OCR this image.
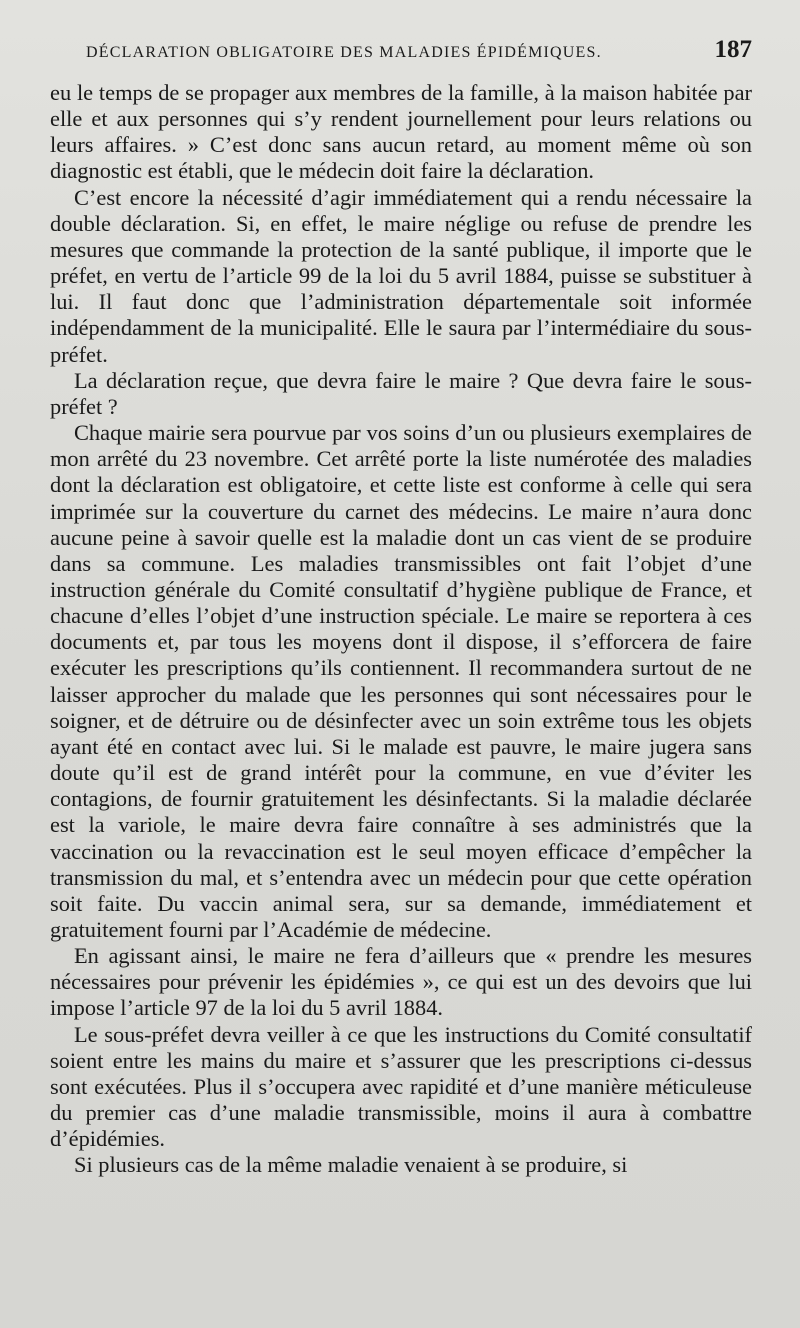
DÉCLARATION OBLIGATOIRE DES MALADIES ÉPIDÉMIQUES.	187

eu le temps de se propager aux membres de la famille, à la maison habitée par elle et aux personnes qui s’y rendent journellement pour leurs relations ou leurs affaires. » C’est donc sans aucun retard, au moment même où son diagnostic est établi, que le médecin doit faire la déclaration.

C’est encore la nécessité d’agir immédiatement qui a rendu nécessaire la double déclaration. Si, en effet, le maire néglige ou refuse de prendre les mesures que commande la protection de la santé publique, il importe que le préfet, en vertu de l’article 99 de la loi du 5 avril 1884, puisse se substituer à lui. Il faut donc que l’administration départementale soit informée indépendamment de la municipalité. Elle le saura par l’intermédiaire du sous-préfet.

La déclaration reçue, que devra faire le maire ? Que devra faire le sous-préfet ?

Chaque mairie sera pourvue par vos soins d’un ou plusieurs exemplaires de mon arrêté du 23 novembre. Cet arrêté porte la liste numérotée des maladies dont la déclaration est obligatoire, et cette liste est conforme à celle qui sera imprimée sur la couverture du carnet des médecins. Le maire n’aura donc aucune peine à savoir quelle est la maladie dont un cas vient de se produire dans sa commune. Les maladies transmissibles ont fait l’objet d’une instruction générale du Comité consultatif d’hygiène publique de France, et chacune d’elles l’objet d’une instruction spéciale. Le maire se reportera à ces documents et, par tous les moyens dont il dispose, il s’efforcera de faire exécuter les prescriptions qu’ils contiennent. Il recommandera surtout de ne laisser approcher du malade que les personnes qui sont nécessaires pour le soigner, et de détruire ou de désinfecter avec un soin extrême tous les objets ayant été en contact avec lui. Si le malade est pauvre, le maire jugera sans doute qu’il est de grand intérêt pour la commune, en vue d’éviter les contagions, de fournir gratuitement les désinfectants. Si la maladie déclarée est la variole, le maire devra faire connaître à ses administrés que la vaccination ou la revaccination est le seul moyen efficace d’empêcher la transmission du mal, et s’entendra avec un médecin pour que cette opération soit faite. Du vaccin animal sera, sur sa demande, immédiatement et gratuitement fourni par l’Académie de médecine.

En agissant ainsi, le maire ne fera d’ailleurs que « prendre les mesures nécessaires pour prévenir les épidémies », ce qui est un des devoirs que lui impose l’article 97 de la loi du 5 avril 1884.

Le sous-préfet devra veiller à ce que les instructions du Comité consultatif soient entre les mains du maire et s’assurer que les prescriptions ci-dessus sont exécutées. Plus il s’occupera avec rapidité et d’une manière méticuleuse du premier cas d’une maladie transmissible, moins il aura à combattre d’épidémies.

Si plusieurs cas de la même maladie venaient à se produire, si
